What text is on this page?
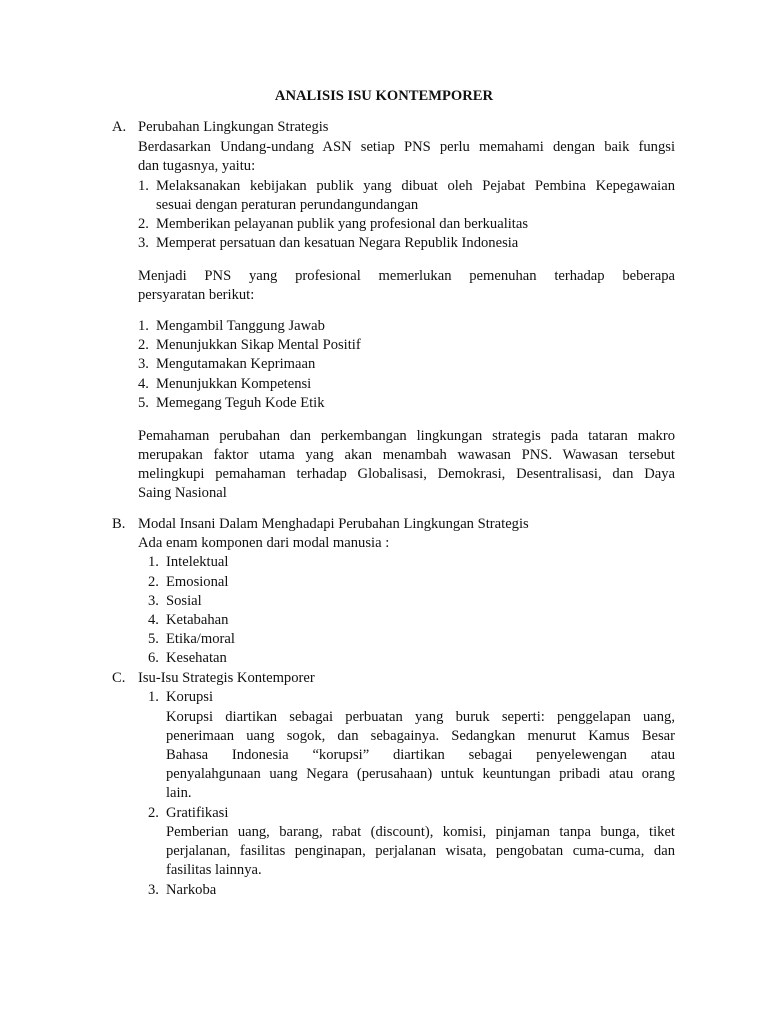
ANALISIS ISU KONTEMPORER
A. Perubahan Lingkungan Strategis
Berdasarkan Undang-undang ASN setiap PNS perlu memahami dengan baik fungsi
dan tugasnya, yaitu:
1. Melaksanakan kebijakan publik yang dibuat oleh Pejabat Pembina Kepegawaian
sesuai dengan peraturan perundangundangan
2. Memberikan pelayanan publik yang profesional dan berkualitas
3. Memperat persatuan dan kesatuan Negara Republik Indonesia
Menjadi PNS yang profesional memerlukan pemenuhan terhadap beberapa
persyaratan berikut:
1. Mengambil Tanggung Jawab
2. Menunjukkan Sikap Mental Positif
3. Mengutamakan Keprimaan
4. Menunjukkan Kompetensi
5. Memegang Teguh Kode Etik
Pemahaman perubahan dan perkembangan lingkungan strategis pada tataran makro
merupakan faktor utama yang akan menambah wawasan PNS. Wawasan tersebut
melingkupi pemahaman terhadap Globalisasi, Demokrasi, Desentralisasi, dan Daya
Saing Nasional
B. Modal Insani Dalam Menghadapi Perubahan Lingkungan Strategis
Ada enam komponen dari modal manusia :
1. Intelektual
2. Emosional
3. Sosial
4. Ketabahan
5. Etika/moral
6. Kesehatan
C. Isu-Isu Strategis Kontemporer
1. Korupsi
Korupsi diartikan sebagai perbuatan yang buruk seperti: penggelapan uang,
penerimaan uang sogok, dan sebagainya. Sedangkan menurut Kamus Besar
Bahasa Indonesia “korupsi” diartikan sebagai penyelewengan atau
penyalahgunaan uang Negara (perusahaan) untuk keuntungan pribadi atau orang
lain.
2. Gratifikasi
Pemberian uang, barang, rabat (discount), komisi, pinjaman tanpa bunga, tiket
perjalanan, fasilitas penginapan, perjalanan wisata, pengobatan cuma-cuma, dan
fasilitas lainnya.
3. Narkoba
